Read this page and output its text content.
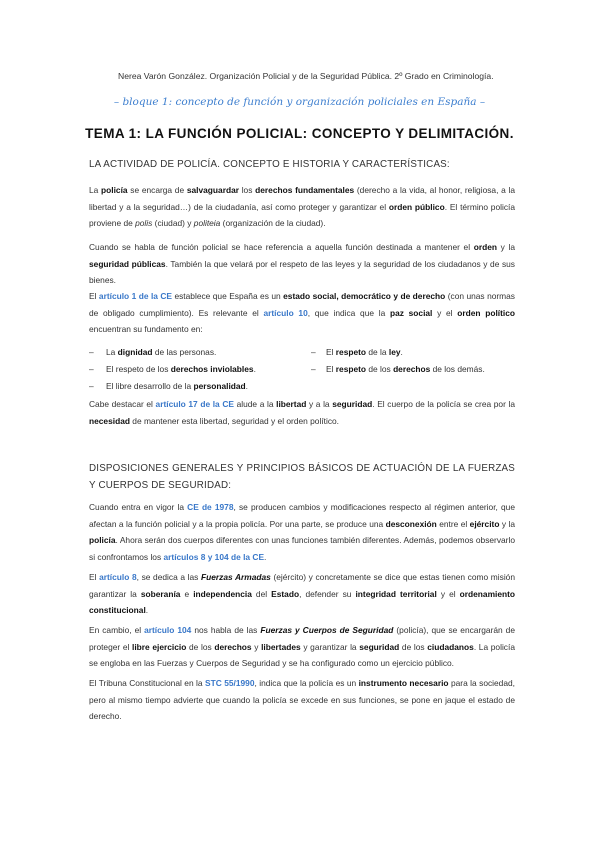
Nerea Varón González. Organización Policial y de la Seguridad Pública. 2º Grado en Criminología.
– bloque 1: concepto de función y organización policiales en España –
TEMA 1: LA FUNCIÓN POLICIAL: CONCEPTO Y DELIMITACIÓN.
LA ACTIVIDAD DE POLICÍA. CONCEPTO E HISTORIA Y CARACTERÍSTICAS:
La policía se encarga de salvaguardar los derechos fundamentales (derecho a la vida, al honor, religiosa, a la libertad y a la seguridad…) de la ciudadanía, así como proteger y garantizar el orden público. El término policía proviene de polis (ciudad) y politeia (organización de la ciudad).
Cuando se habla de función policial se hace referencia a aquella función destinada a mantener el orden y la seguridad públicas. También la que velará por el respeto de las leyes y la seguridad de los ciudadanos y de sus bienes.
El artículo 1 de la CE establece que España es un estado social, democrático y de derecho (con unas normas de obligado cumplimiento). Es relevante el artículo 10, que indica que la paz social y el orden político encuentran su fundamento en:
– La dignidad de las personas.
– El respeto de los derechos inviolables.
– El libre desarrollo de la personalidad.
– El respeto de la ley.
– El respeto de los derechos de los demás.
Cabe destacar el artículo 17 de la CE alude a la libertad y a la seguridad. El cuerpo de la policía se crea por la necesidad de mantener esta libertad, seguridad y el orden político.
DISPOSICIONES GENERALES Y PRINCIPIOS BÁSICOS DE ACTUACIÓN DE LA FUERZAS Y CUERPOS DE SEGURIDAD:
Cuando entra en vigor la CE de 1978, se producen cambios y modificaciones respecto al régimen anterior, que afectan a la función policial y a la propia policía. Por una parte, se produce una desconexión entre el ejército y la policía. Ahora serán dos cuerpos diferentes con unas funciones también diferentes. Además, podemos observarlo si confrontamos los artículos 8 y 104 de la CE.
El artículo 8, se dedica a las Fuerzas Armadas (ejército) y concretamente se dice que estas tienen como misión garantizar la soberanía e independencia del Estado, defender su integridad territorial y el ordenamiento constitucional.
En cambio, el artículo 104 nos habla de las Fuerzas y Cuerpos de Seguridad (policía), que se encargarán de proteger el libre ejercicio de los derechos y libertades y garantizar la seguridad de los ciudadanos. La policía se engloba en las Fuerzas y Cuerpos de Seguridad y se ha configurado como un ejercicio público.
El Tribuna Constitucional en la STC 55/1990, indica que la policía es un instrumento necesario para la sociedad, pero al mismo tiempo advierte que cuando la policía se excede en sus funciones, se pone en jaque el estado de derecho.
